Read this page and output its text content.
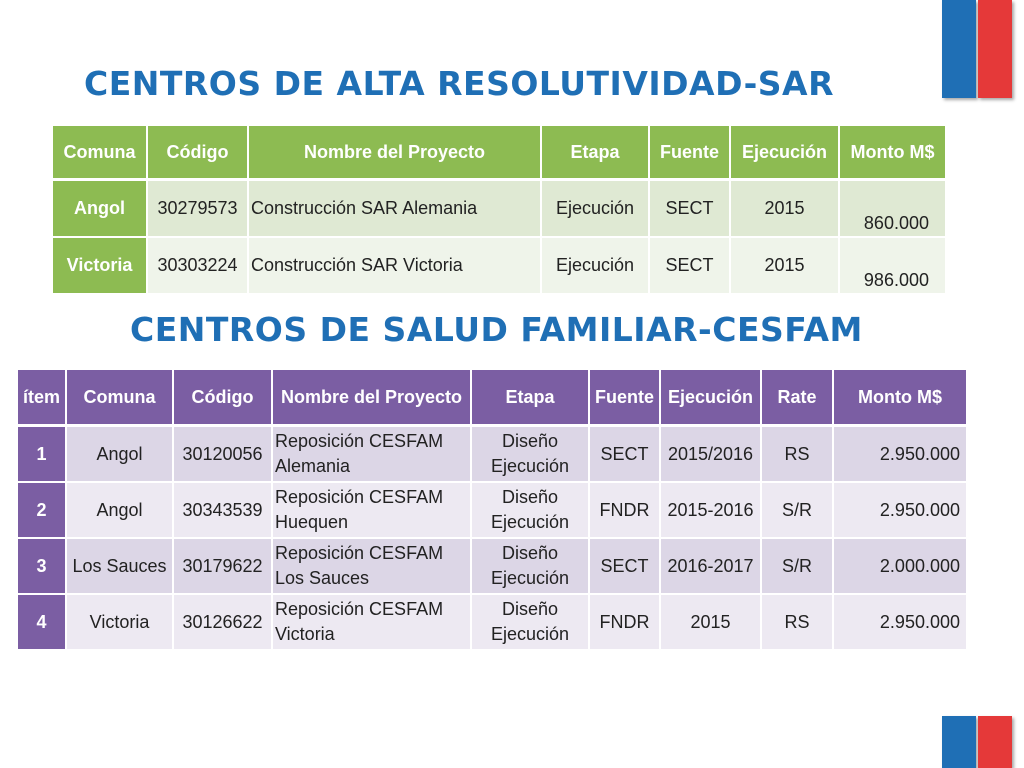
CENTROS DE ALTA RESOLUTIVIDAD-SAR
Comuna	Código	Nombre del Proyecto	Etapa	Fuente	Ejecución	Monto M$
Angol	30279573	Construcción SAR Alemania	Ejecución	SECT	2015	860.000
Victoria	30303224	Construcción SAR Victoria	Ejecución	SECT	2015	986.000
CENTROS DE SALUD FAMILIAR-CESFAM
ítem	Comuna	Código	Nombre del Proyecto	Etapa	Fuente	Ejecución	Rate	Monto M$
1	Angol	30120056	Reposición CESFAM Alemania	Diseño Ejecución	SECT	2015/2016	RS	2.950.000
2	Angol	30343539	Reposición CESFAM Huequen	Diseño Ejecución	FNDR	2015-2016	S/R	2.950.000
3	Los Sauces	30179622	Reposición CESFAM Los Sauces	Diseño Ejecución	SECT	2016-2017	S/R	2.000.000
4	Victoria	30126622	Reposición CESFAM Victoria	Diseño Ejecución	FNDR	2015	RS	2.950.000
